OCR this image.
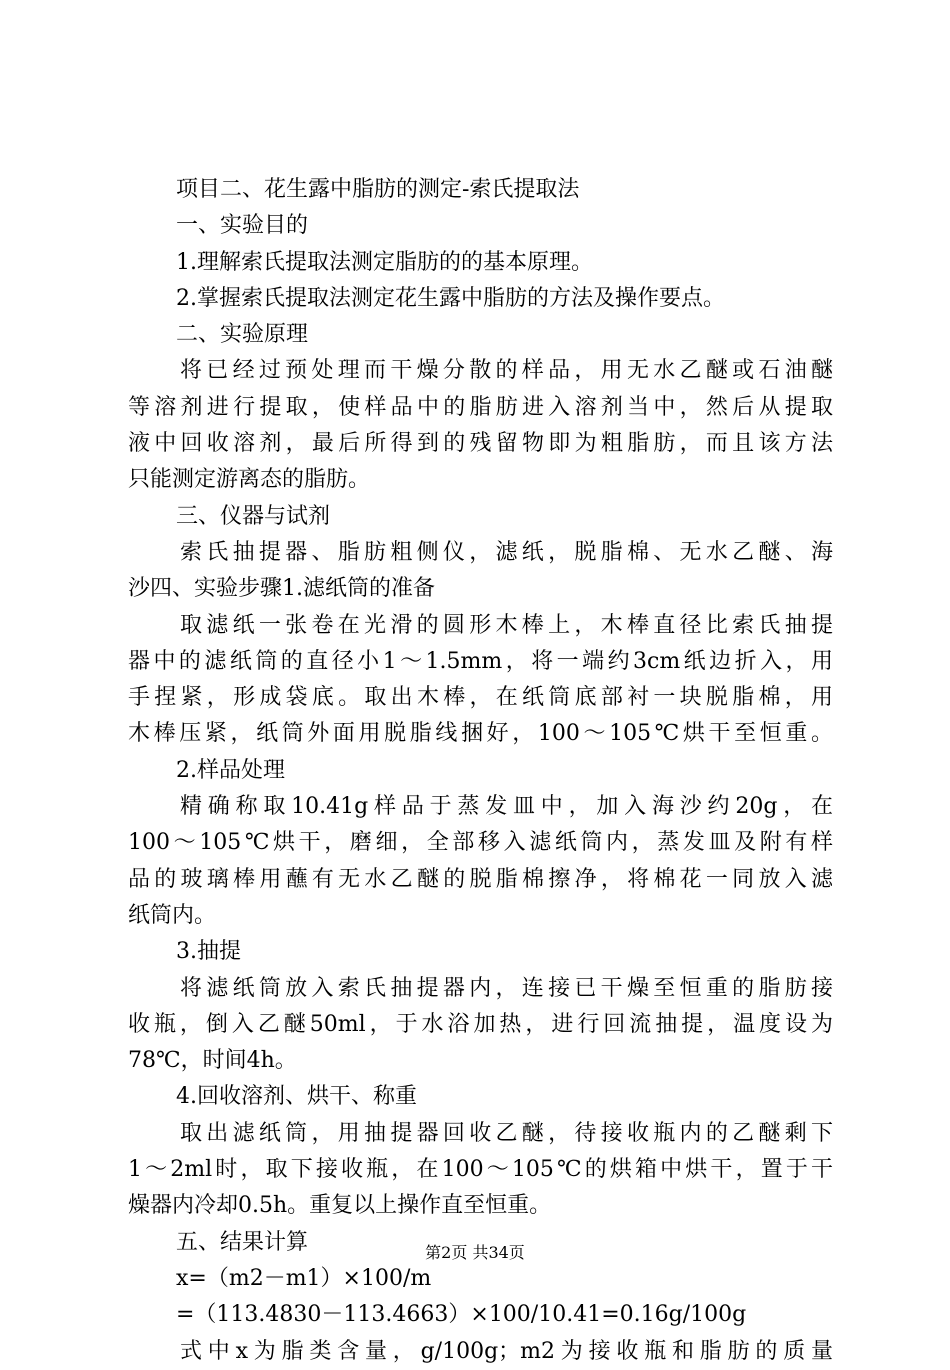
项目二、花生露中脂肪的测定-索氏提取法
一、实验目的
1.理解索氏提取法测定脂肪的的基本原理。
2.掌握索氏提取法测定花生露中脂肪的方法及操作要点。
二、实验原理
将已经过预处理而干燥分散的样品，用无水乙醚或石油醚
等溶剂进行提取，使样品中的脂肪进入溶剂当中，然后从提取
液中回收溶剂，最后所得到的残留物即为粗脂肪，而且该方法
只能测定游离态的脂肪。
三、仪器与试剂
索氏抽提器、脂肪粗侧仪，滤纸，脱脂棉、无水乙醚、海
沙四、实验步骤1.滤纸筒的准备
取滤纸一张卷在光滑的圆形木棒上，木棒直径比索氏抽提
器中的滤纸筒的直径小1～1.5mm，将一端约3cm纸边折入，用
手捏紧，形成袋底。取出木棒，在纸筒底部衬一块脱脂棉，用
木棒压紧，纸筒外面用脱脂线捆好，100～105℃烘干至恒重。
2.样品处理
精确称取10.41g样品于蒸发皿中，加入海沙约20g，在
100～105℃烘干，磨细，全部移入滤纸筒内，蒸发皿及附有样
品的玻璃棒用蘸有无水乙醚的脱脂棉擦净，将棉花一同放入滤
纸筒内。
3.抽提
将滤纸筒放入索氏抽提器内，连接已干燥至恒重的脂肪接
收瓶，倒入乙醚50ml，于水浴加热，进行回流抽提，温度设为
78℃，时间4h。
4.回收溶剂、烘干、称重
取出滤纸筒，用抽提器回收乙醚，待接收瓶内的乙醚剩下
1～2ml时，取下接收瓶，在100～105℃的烘箱中烘干，置于干
燥器内冷却0.5h。重复以上操作直至恒重。
五、结果计算
x=（m2－m1）×100/m
=（113.4830－113.4663）×100/10.41=0.16g/100g
式中x为脂类含量，g/100g；m2为接收瓶和脂肪的质量
第2页 共34页
